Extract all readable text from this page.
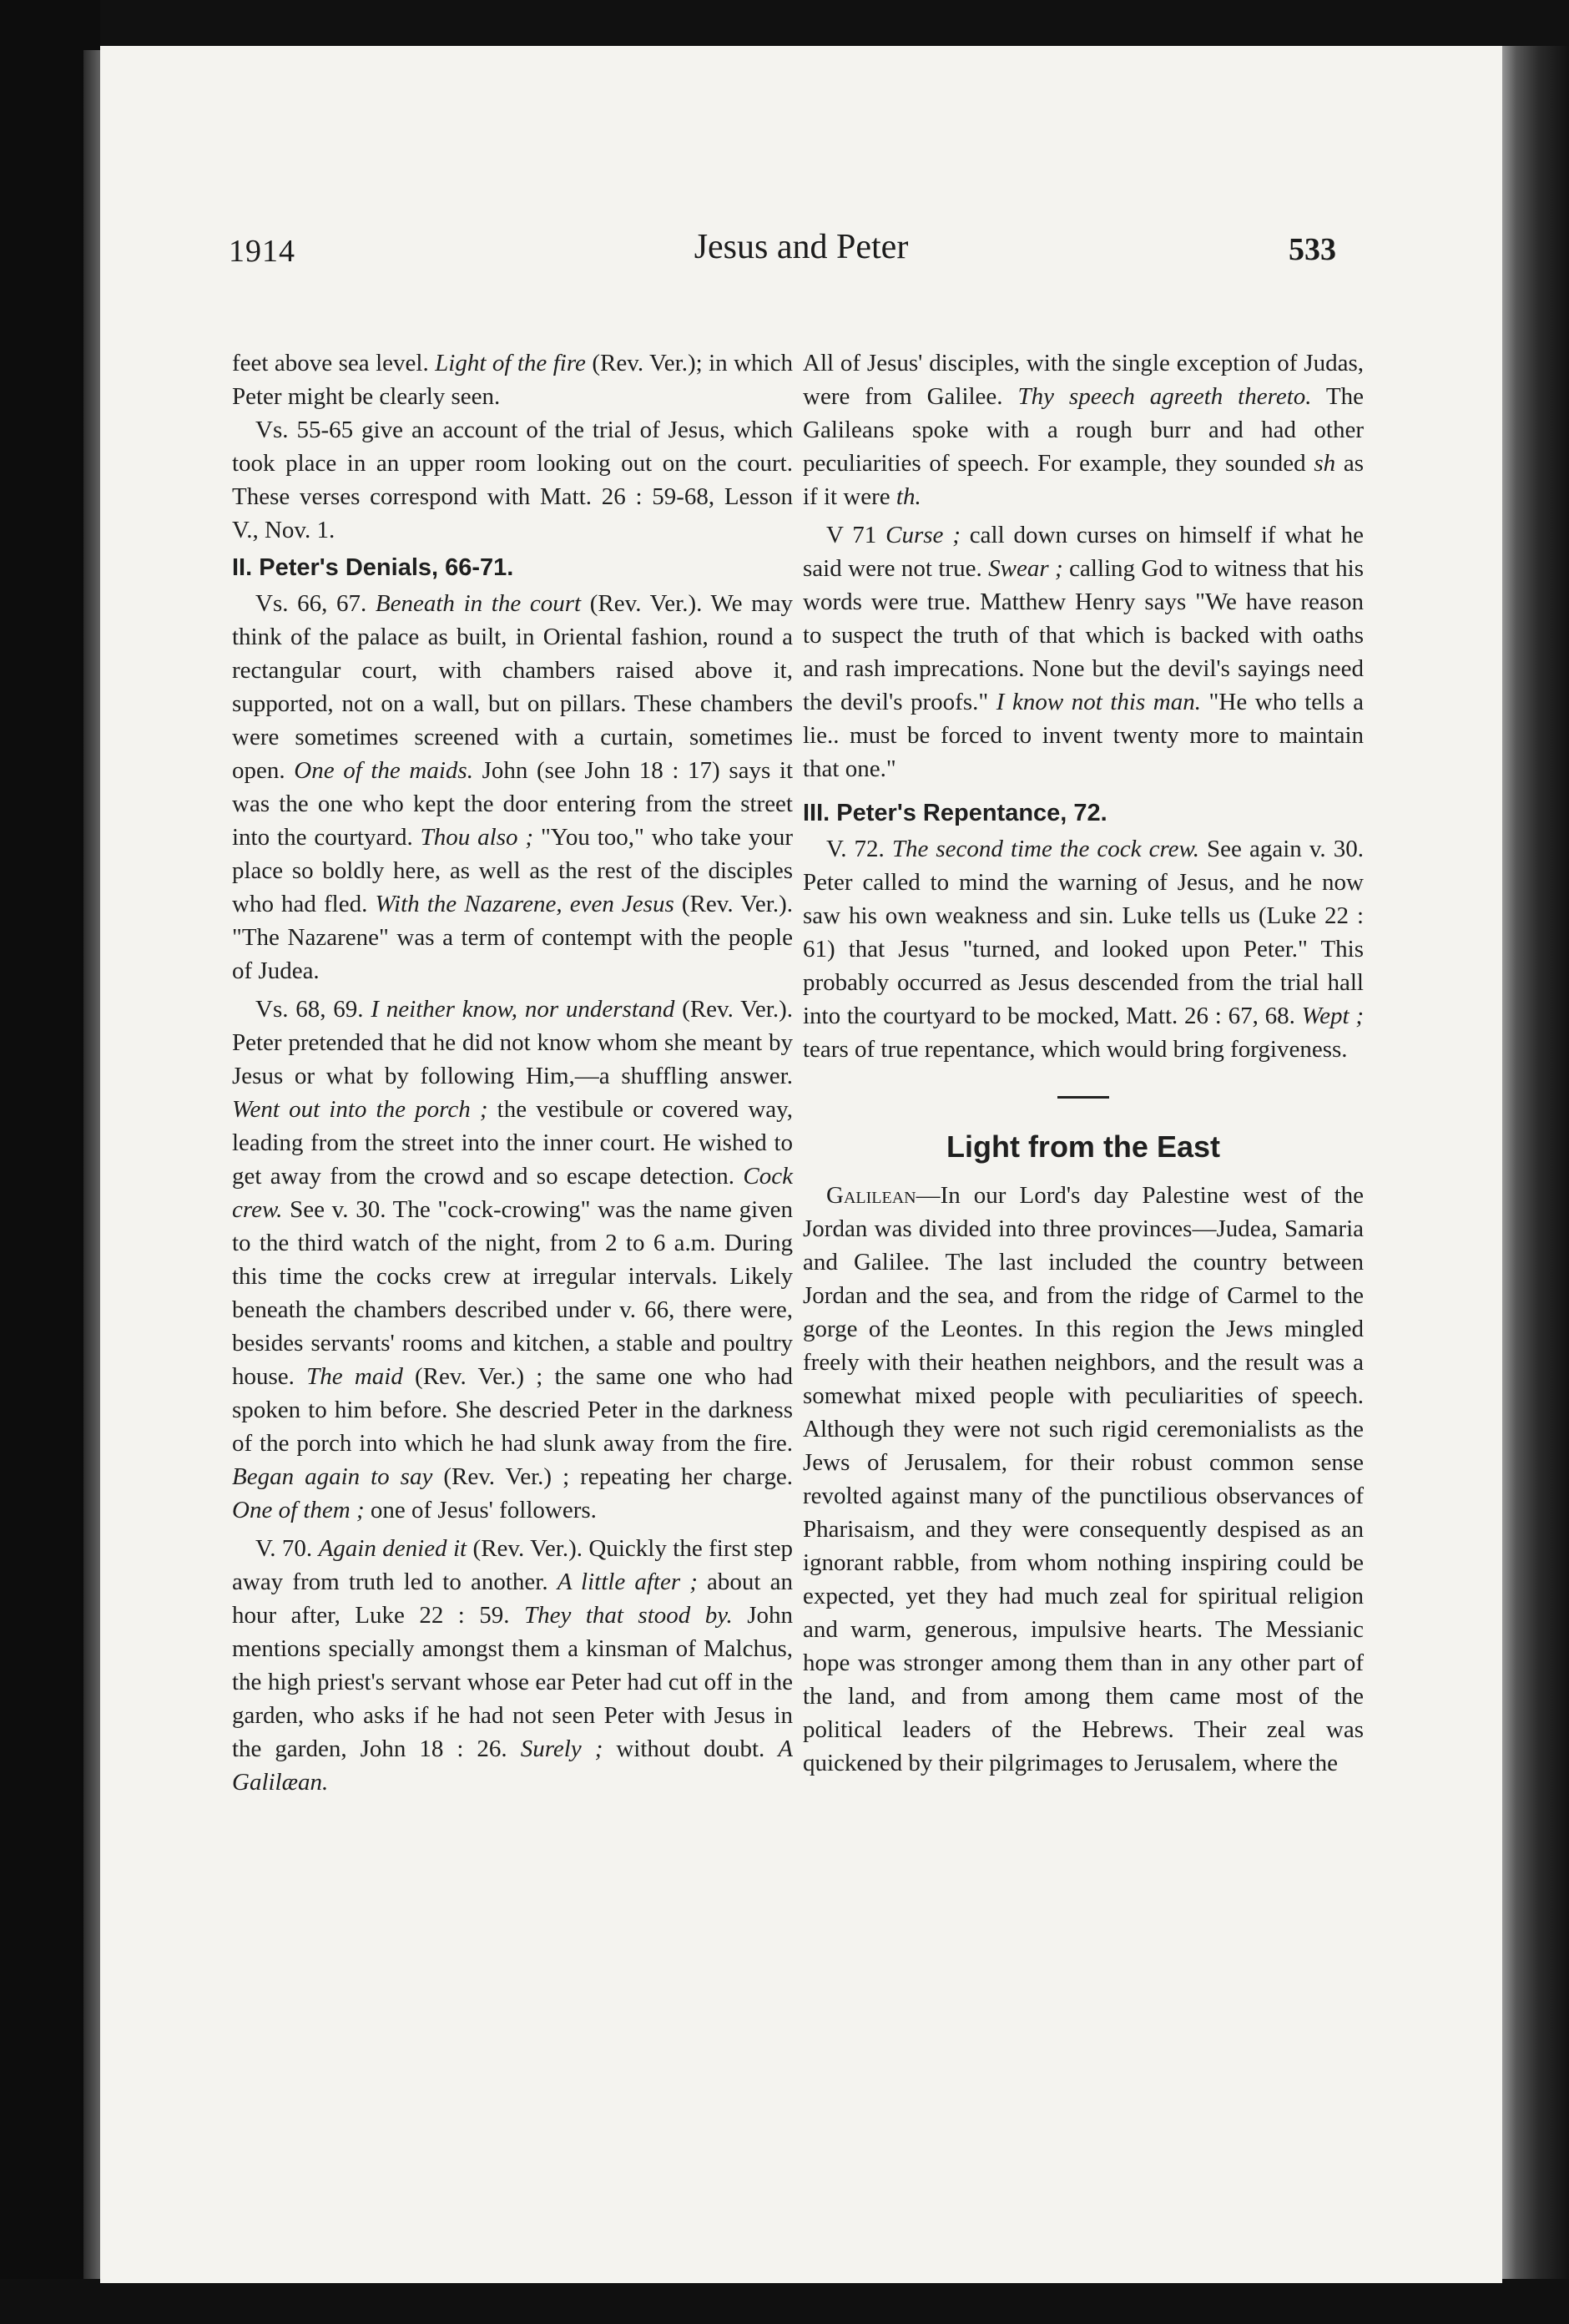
1914	Jesus and Peter	533

feet above sea level. Light of the fire (Rev. Ver.); in which Peter might be clearly seen.

Vs. 55-65 give an account of the trial of Jesus, which took place in an upper room looking out on the court. These verses correspond with Matt. 26 : 59-68, Lesson V., Nov. 1.

II. Peter's Denials, 66-71.

Vs. 66, 67. Beneath in the court (Rev. Ver.). We may think of the palace as built, in Oriental fashion, round a rectangular court, with chambers raised above it, supported, not on a wall, but on pillars. These chambers were sometimes screened with a curtain, sometimes open. One of the maids. John (see John 18 : 17) says it was the one who kept the door entering from the street into the courtyard. Thou also ; "You too," who take your place so boldly here, as well as the rest of the disciples who had fled. With the Nazarene, even Jesus (Rev. Ver.). "The Nazarene" was a term of contempt with the people of Judea.

Vs. 68, 69. I neither know, nor understand (Rev. Ver.). Peter pretended that he did not know whom she meant by Jesus or what by following Him,—a shuffling answer. Went out into the porch ; the vestibule or covered way, leading from the street into the inner court. He wished to get away from the crowd and so escape detection. Cock crew. See v. 30. The "cock-crowing" was the name given to the third watch of the night, from 2 to 6 a.m. During this time the cocks crew at irregular intervals. Likely beneath the chambers described under v. 66, there were, besides servants' rooms and kitchen, a stable and poultry house. The maid (Rev. Ver.) ; the same one who had spoken to him before. She descried Peter in the darkness of the porch into which he had slunk away from the fire. Began again to say (Rev. Ver.) ; repeating her charge. One of them ; one of Jesus' followers.

V. 70. Again denied it (Rev. Ver.). Quickly the first step away from truth led to another. A little after ; about an hour after, Luke 22 : 59. They that stood by. John mentions specially amongst them a kinsman of Malchus, the high priest's servant whose ear Peter had cut off in the garden, who asks if he had not seen Peter with Jesus in the garden, John 18 : 26. Surely ; without doubt. A Galilæan.

All of Jesus' disciples, with the single exception of Judas, were from Galilee. Thy speech agreeth thereto. The Galileans spoke with a rough burr and had other peculiarities of speech. For example, they sounded sh as if it were th.

V 71 Curse ; call down curses on himself if what he said were not true. Swear ; calling God to witness that his words were true. Matthew Henry says "We have reason to suspect the truth of that which is backed with oaths and rash imprecations. None but the devil's sayings need the devil's proofs." I know not this man. "He who tells a lie.. must be forced to invent twenty more to maintain that one."

III. Peter's Repentance, 72.

V. 72. The second time the cock crew. See again v. 30. Peter called to mind the warning of Jesus, and he now saw his own weakness and sin. Luke tells us (Luke 22 : 61) that Jesus "turned, and looked upon Peter." This probably occurred as Jesus descended from the trial hall into the courtyard to be mocked, Matt. 26 : 67, 68. Wept ; tears of true repentance, which would bring forgiveness.

Light from the East

Galilean—In our Lord's day Palestine west of the Jordan was divided into three provinces—Judea, Samaria and Galilee. The last included the country between Jordan and the sea, and from the ridge of Carmel to the gorge of the Leontes. In this region the Jews mingled freely with their heathen neighbors, and the result was a somewhat mixed people with peculiarities of speech. Although they were not such rigid ceremonialists as the Jews of Jerusalem, for their robust common sense revolted against many of the punctilious observances of Pharisaism, and they were consequently despised as an ignorant rabble, from whom nothing inspiring could be expected, yet they had much zeal for spiritual religion and warm, generous, impulsive hearts. The Messianic hope was stronger among them than in any other part of the land, and from among them came most of the political leaders of the Hebrews. Their zeal was quickened by their pilgrimages to Jerusalem, where the
